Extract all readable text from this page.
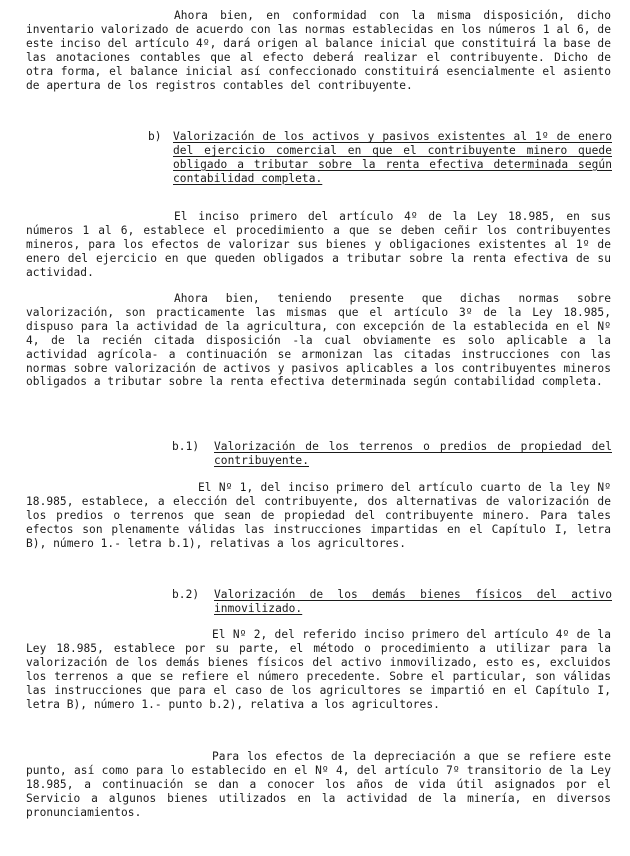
Ahora bien, en conformidad con la misma disposición, dicho inventario valorizado de acuerdo con las normas establecidas en los números 1 al 6, de este inciso del artículo 4º, dará origen al balance inicial que constituirá la base de las anotaciones contables que al efecto deberá realizar el contribuyente. Dicho de otra forma, el balance inicial así confeccionado constituirá esencialmente el asiento de apertura de los registros contables del contribuyente.

b) Valorización de los activos y pasivos existentes al 1º de enero del ejercicio comercial en que el contribuyente minero quede obligado a tributar sobre la renta efectiva determinada según contabilidad completa.

El inciso primero del artículo 4º de la Ley 18.985, en sus números 1 al 6, establece el procedimiento a que se deben ceñir los contribuyentes mineros, para los efectos de valorizar sus bienes y obligaciones existentes al 1º de enero del ejercicio en que queden obligados a tributar sobre la renta efectiva de su actividad.

Ahora bien, teniendo presente que dichas normas sobre valorización, son practicamente las mismas que el artículo 3º de la Ley 18.985, dispuso para la actividad de la agricultura, con excepción de la establecida en el Nº 4, de la recién citada disposición -la cual obviamente es solo aplicable a la actividad agrícola- a continuación se armonizan las citadas instrucciones con las normas sobre valorización de activos y pasivos aplicables a los contribuyentes mineros obligados a tributar sobre la renta efectiva determinada según contabilidad completa.

b.1) Valorización de los terrenos o predios de propiedad del contribuyente.

El Nº 1, del inciso primero del artículo cuarto de la ley Nº 18.985, establece, a elección del contribuyente, dos alternativas de valorización de los predios o terrenos que sean de propiedad del contribuyente minero. Para tales efectos son plenamente válidas las instrucciones impartidas en el Capítulo I, letra B), número 1.- letra b.1), relativas a los agricultores.

b.2) Valorización de los demás bienes físicos del activo inmovilizado.

El Nº 2, del referido inciso primero del artículo 4º de la Ley 18.985, establece por su parte, el método o procedimiento a utilizar para la valorización de los demás bienes físicos del activo inmovilizado, esto es, excluidos los terrenos a que se refiere el número precedente. Sobre el particular, son válidas las instrucciones que para el caso de los agricultores se impartió en el Capítulo I, letra B), número 1.- punto b.2), relativa a los agricultores.

Para los efectos de la depreciación a que se refiere este punto, así como para lo establecido en el Nº 4, del artículo 7º transitorio de la Ley 18.985, a continuación se dan a conocer los años de vida útil asignados por el Servicio a algunos bienes utilizados en la actividad de la minería, en diversos pronunciamientos.
